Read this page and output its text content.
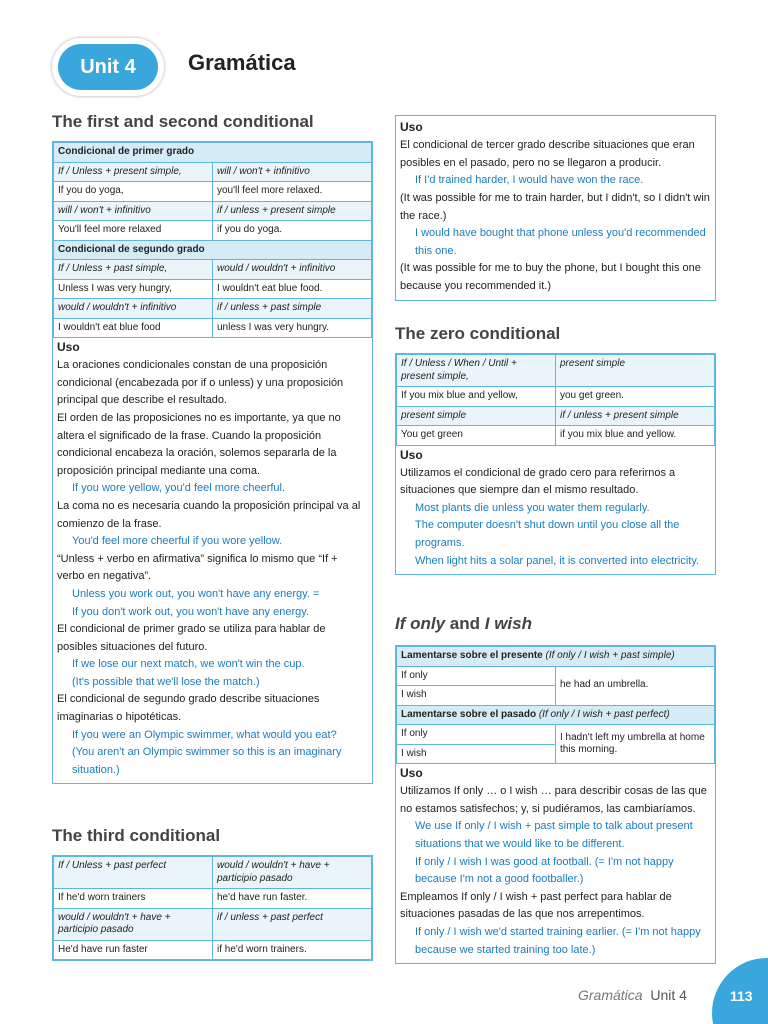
Unit 4	Gramática
The first and second conditional
Condicional de primer grado	
If / Unless + present simple,	will / won't + infinitivo
If you do yoga,	you'll feel more relaxed.
will / won't + infinitivo	if / unless + present simple
You'll feel more relaxed	if you do yoga.
Condicional de segundo grado	
If / Unless + past simple,	would / wouldn't + infinitivo
Unless I was very hungry,	I wouldn't eat blue food.
would / wouldn't + infinitivo	if / unless + past simple
I wouldn't eat blue food	unless I was very hungry.

Uso

La oraciones condicionales constan de una proposición condicional (encabezada por if o unless) y una proposición principal que describe el resultado.

El orden de las proposiciones no es importante, ya que no altera el significado de la frase. Cuando la proposición condicional encabeza la oración, solemos separarla de la proposición principal mediante una coma.

If you wore yellow, you'd feel more cheerful.

La coma no es necesaria cuando la proposición principal va al comienzo de la frase.

You'd feel more cheerful if you wore yellow.

“Unless + verbo en afirmativa” significa lo mismo que “If + verbo en negativa”.

Unless you work out, you won't have any energy. =

If you don't work out, you won't have any energy.

El condicional de primer grado se utiliza para hablar de posibles situaciones del futuro.

If we lose our next match, we won't win the cup.

(It's possible that we'll lose the match.)

El condicional de segundo grado describe situaciones imaginarias o hipotéticas.

If you were an Olympic swimmer, what would you eat?

(You aren't an Olympic swimmer so this is an imaginary situation.)

The third conditional
If / Unless + past perfect	would / wouldn't + have + participio pasado
If he'd worn trainers	he'd have run faster.
would / wouldn't + have + participio pasado	if / unless + past perfect
He'd have run faster	if he'd worn trainers.

Uso

El condicional de tercer grado describe situaciones que eran posibles en el pasado, pero no se llegaron a producir.

If I'd trained harder, I would have won the race.

(It was possible for me to train harder, but I didn't, so I didn't win the race.)

I would have bought that phone unless you'd recommended this one.

(It was possible for me to buy the phone, but I bought this one because you recommended it.)

The zero conditional
If / Unless / When / Until + present simple,	present simple
If you mix blue and yellow,	you get green.
present simple	if / unless + present simple
You get green	if you mix blue and yellow.

Uso

Utilizamos el condicional de grado cero para referirnos a situaciones que siempre dan el mismo resultado.

Most plants die unless you water them regularly.

The computer doesn't shut down until you close all the programs.

When light hits a solar panel, it is converted into electricity.

If only and I wish
Lamentarse sobre el presente (If only / I wish + past simple)	
If only	he had an umbrella.
I wish	
Lamentarse sobre el pasado (If only / I wish + past perfect)	
If only	I hadn't left my umbrella at home this morning.
I wish	

Uso

Utilizamos If only … o I wish … para describir cosas de las que no estamos satisfechos; y, si pudiéramos, las cambiaríamos.

We use If only / I wish + past simple to talk about present situations that we would like to be different.

If only / I wish I was good at football. (= I'm not happy because I'm not a good footballer.)

Empleamos If only / I wish + past perfect para hablar de situaciones pasadas de las que nos arrepentimos.

If only / I wish we'd started training earlier. (= I'm not happy because we started training too late.)

Gramática Unit 4	113
